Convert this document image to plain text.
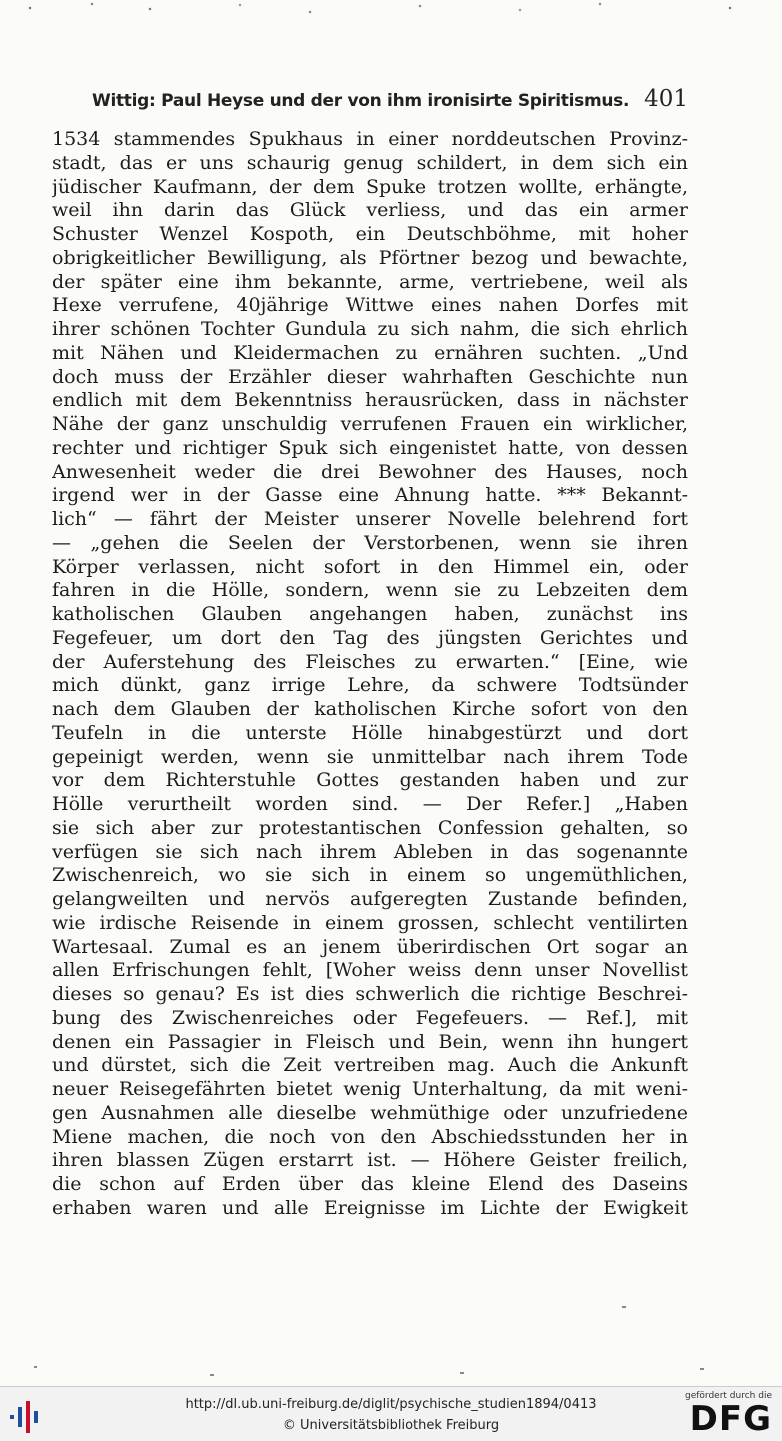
Wittig: Paul Heyse und der von ihm ironisirte Spiritismus. 401
1534 stammendes Spukhaus in einer norddeutschen Provinz-
stadt, das er uns schaurig genug schildert, in dem sich ein
jüdischer Kaufmann, der dem Spuke trotzen wollte, erhängte,
weil ihn darin das Glück verliess, und das ein armer
Schuster Wenzel Kospoth, ein Deutschböhme, mit hoher
obrigkeitlicher Bewilligung, als Pförtner bezog und bewachte,
der später eine ihm bekannte, arme, vertriebene, weil als
Hexe verrufene, 40jährige Wittwe eines nahen Dorfes mit
ihrer schönen Tochter Gundula zu sich nahm, die sich ehrlich
mit Nähen und Kleidermachen zu ernähren suchten. „Und
doch muss der Erzähler dieser wahrhaften Geschichte nun
endlich mit dem Bekenntniss herausrücken, dass in nächster
Nähe der ganz unschuldig verrufenen Frauen ein wirklicher,
rechter und richtiger Spuk sich eingenistet hatte, von dessen
Anwesenheit weder die drei Bewohner des Hauses, noch
irgend wer in der Gasse eine Ahnung hatte. *** Bekannt-
lich“ — fährt der Meister unserer Novelle belehrend fort
— „gehen die Seelen der Verstorbenen, wenn sie ihren
Körper verlassen, nicht sofort in den Himmel ein, oder
fahren in die Hölle, sondern, wenn sie zu Lebzeiten dem
katholischen Glauben angehangen haben, zunächst ins
Fegefeuer, um dort den Tag des jüngsten Gerichtes und
der Auferstehung des Fleisches zu erwarten.“ [Eine, wie
mich dünkt, ganz irrige Lehre, da schwere Todtsünder
nach dem Glauben der katholischen Kirche sofort von den
Teufeln in die unterste Hölle hinabgestürzt und dort
gepeinigt werden, wenn sie unmittelbar nach ihrem Tode
vor dem Richterstuhle Gottes gestanden haben und zur
Hölle verurtheilt worden sind. — Der Refer.] „Haben
sie sich aber zur protestantischen Confession gehalten, so
verfügen sie sich nach ihrem Ableben in das sogenannte
Zwischenreich, wo sie sich in einem so ungemüthlichen,
gelangweilten und nervös aufgeregten Zustande befinden,
wie irdische Reisende in einem grossen, schlecht ventilirten
Wartesaal. Zumal es an jenem überirdischen Ort sogar an
allen Erfrischungen fehlt, [Woher weiss denn unser Novellist
dieses so genau? Es ist dies schwerlich die richtige Beschrei-
bung des Zwischenreiches oder Fegefeuers. — Ref.], mit
denen ein Passagier in Fleisch und Bein, wenn ihn hungert
und dürstet, sich die Zeit vertreiben mag. Auch die Ankunft
neuer Reisegefährten bietet wenig Unterhaltung, da mit weni-
gen Ausnahmen alle dieselbe wehmüthige oder unzufriedene
Miene machen, die noch von den Abschiedsstunden her in
ihren blassen Zügen erstarrt ist. — Höhere Geister freilich,
die schon auf Erden über das kleine Elend des Daseins
erhaben waren und alle Ereignisse im Lichte der Ewigkeit
http://dl.ub.uni-freiburg.de/diglit/psychische_studien1894/0413
© Universitätsbibliothek Freiburg
gefördert durch die
DFG
